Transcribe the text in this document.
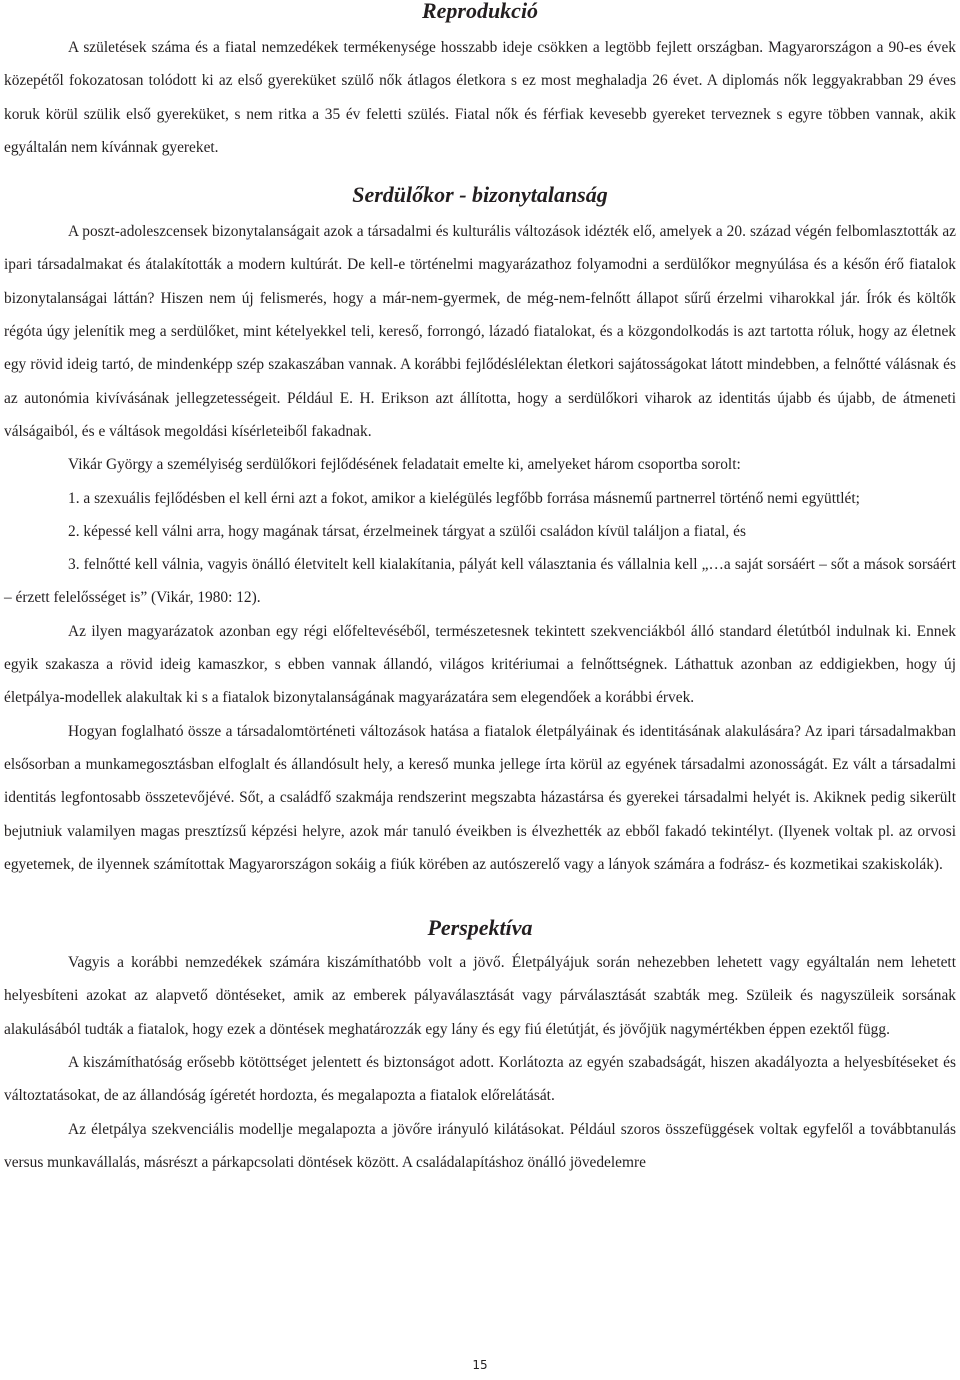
Reprodukció

A születések száma és a fiatal nemzedékek termékenysége hosszabb ideje csökken a legtöbb fejlett országban. Magyarországon a 90-es évek közepétől fokozatosan tolódott ki az első gyereküket szülő nők átlagos életkora s ez most meghaladja 26 évet. A diplomás nők leggyakrabban 29 éves koruk körül szülik első gyereküket, s nem ritka a 35 év feletti szülés. Fiatal nők és férfiak kevesebb gyereket terveznek s egyre többen vannak, akik egyáltalán nem kívánnak gyereket.

Serdülőkor - bizonytalanság

A poszt-adoleszcensek bizonytalanságait azok a társadalmi és kulturális változások idézték elő, amelyek a 20. század végén felbomlasztották az ipari társadalmakat és átalakították a modern kultúrát. De kell-e történelmi magyarázathoz folyamodni a serdülőkor megnyúlása és a későn érő fiatalok bizonytalanságai láttán? Hiszen nem új felismerés, hogy a már-nem-gyermek, de még-nem-felnőtt állapot sűrű érzelmi viharokkal jár. Írók és költők régóta úgy jelenítik meg a serdülőket, mint kételyekkel teli, kereső, forrongó, lázadó fiatalokat, és a közgondolkodás is azt tartotta róluk, hogy az életnek egy rövid ideig tartó, de mindenképp szép szakaszában vannak. A korábbi fejlődéslélektan életkori sajátosságokat látott mindebben, a felnőtté válásnak és az autonómia kivívásának jellegzetességeit. Például E. H. Erikson azt állította, hogy a serdülőkori viharok az identitás újabb és újabb, de átmeneti válságaiból, és e váltások megoldási kísérleteiből fakadnak.

Vikár György a személyiség serdülőkori fejlődésének feladatait emelte ki, amelyeket három csoportba sorolt:

1. a szexuális fejlődésben el kell érni azt a fokot, amikor a kielégülés legfőbb forrása másnemű partnerrel történő nemi együttlét;

2. képessé kell válni arra, hogy magának társat, érzelmeinek tárgyat a szülői családon kívül találjon a fiatal, és

3. felnőtté kell válnia, vagyis önálló életvitelt kell kialakítania, pályát kell választania és vállalnia kell „…a saját sorsáért – sőt a mások sorsáért – érzett felelősséget is” (Vikár, 1980: 12).

Az ilyen magyarázatok azonban egy régi előfeltevéséből, természetesnek tekintett szekvenciákból álló standard életútból indulnak ki. Ennek egyik szakasza a rövid ideig kamaszkor, s ebben vannak állandó, világos kritériumai a felnőttségnek. Láthattuk azonban az eddigiekben, hogy új életpálya-modellek alakultak ki s a fiatalok bizonytalanságának magyarázatára sem elegendőek a korábbi érvek.

Hogyan foglalható össze a társadalomtörténeti változások hatása a fiatalok életpályáinak és identitásának alakulására? Az ipari társadalmakban elsősorban a munkamegosztásban elfoglalt és állandósult hely, a kereső munka jellege írta körül az egyének társadalmi azonosságát. Ez vált a társadalmi identitás legfontosabb összetevőjévé. Sőt, a családfő szakmája rendszerint megszabta házastársa és gyerekei társadalmi helyét is. Akiknek pedig sikerült bejutniuk valamilyen magas presztízsű képzési helyre, azok már tanuló éveikben is élvezhették az ebből fakadó tekintélyt. (Ilyenek voltak pl. az orvosi egyetemek, de ilyennek számítottak Magyarországon sokáig a fiúk körében az autószerelő vagy a lányok számára a fodrász- és kozmetikai szakiskolák).

Perspektíva

Vagyis a korábbi nemzedékek számára kiszámíthatóbb volt a jövő. Életpályájuk során nehezebben lehetett vagy egyáltalán nem lehetett helyesbíteni azokat az alapvető döntéseket, amik az emberek pályaválasztását vagy párválasztását szabták meg. Szüleik és nagyszüleik sorsának alakulásából tudták a fiatalok, hogy ezek a döntések meghatározzák egy lány és egy fiú életútját, és jövőjük nagymértékben éppen ezektől függ.

A kiszámíthatóság erősebb kötöttséget jelentett és biztonságot adott. Korlátozta az egyén szabadságát, hiszen akadályozta a helyesbítéseket és változtatásokat, de az állandóság ígéretét hordozta, és megalapozta a fiatalok előrelátását.

Az életpálya szekvenciális modellje megalapozta a jövőre irányuló kilátásokat. Például szoros összefüggések voltak egyfelől a továbbtanulás versus munkavállalás, másrészt a párkapcsolati döntések között. A családalapításhoz önálló jövedelemre

15
